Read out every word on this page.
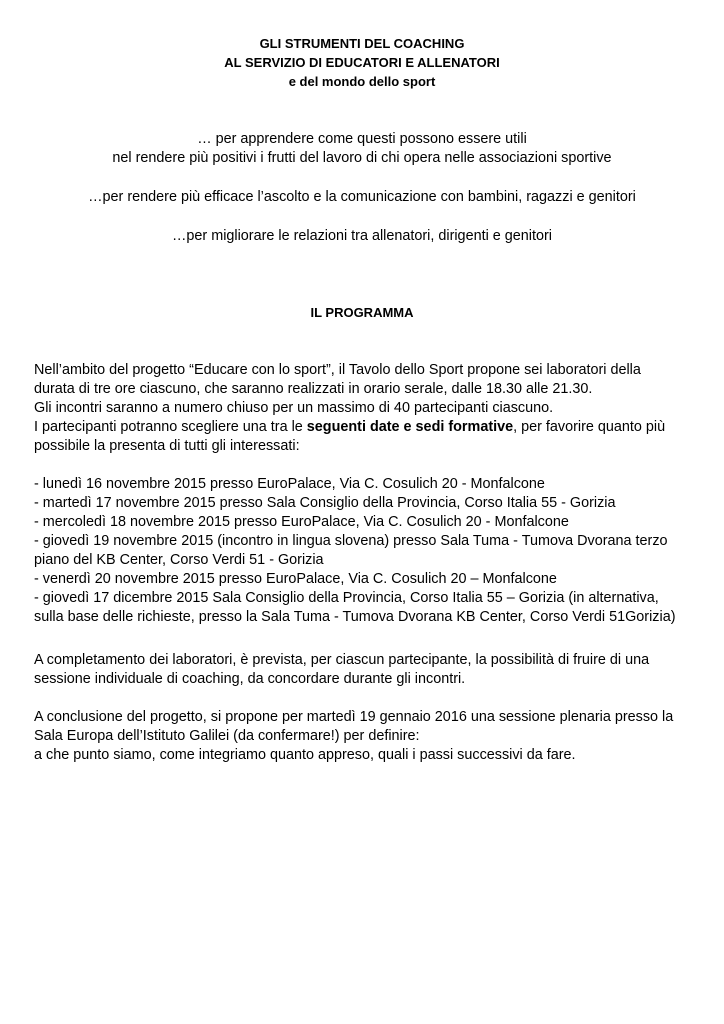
GLI STRUMENTI DEL COACHING
AL SERVIZIO DI EDUCATORI E ALLENATORI
e del mondo dello sport
… per apprendere come questi possono essere utili
nel rendere più positivi i frutti del lavoro di chi opera nelle associazioni sportive
…per rendere più efficace l’ascolto e la comunicazione con bambini, ragazzi e genitori
…per migliorare le relazioni tra allenatori, dirigenti e genitori
IL PROGRAMMA
Nell’ambito del progetto “Educare con lo sport”, il Tavolo dello Sport propone sei laboratori della
durata di tre ore ciascuno, che saranno realizzati in orario serale, dalle 18.30 alle 21.30.
Gli incontri saranno a numero chiuso per un massimo di 40 partecipanti ciascuno.
I partecipanti potranno scegliere una tra le seguenti date e sedi formative, per favorire quanto più
possibile la presenta di tutti gli interessati:
- lunedì 16 novembre 2015 presso EuroPalace, Via C. Cosulich 20 - Monfalcone
- martedì 17 novembre 2015 presso Sala Consiglio della Provincia, Corso Italia 55 - Gorizia
- mercoledì 18 novembre 2015 presso EuroPalace, Via C. Cosulich 20 - Monfalcone
- giovedì 19 novembre 2015 (incontro in lingua slovena) presso Sala Tuma - Tumova Dvorana terzo
piano del KB Center, Corso Verdi 51 - Gorizia
- venerdì 20 novembre 2015 presso EuroPalace, Via C. Cosulich 20 – Monfalcone
- giovedì 17 dicembre 2015 Sala Consiglio della Provincia, Corso Italia 55 – Gorizia (in alternativa,
sulla base delle richieste, presso la Sala Tuma - Tumova Dvorana KB Center, Corso Verdi 51Gorizia)
A completamento dei laboratori, è prevista, per ciascun partecipante, la possibilità di fruire di una
sessione individuale di coaching, da concordare durante gli incontri.
A conclusione del progetto, si propone per martedì 19 gennaio 2016 una sessione plenaria presso la
Sala Europa dell’Istituto Galilei (da confermare!) per definire:
a che punto siamo, come integriamo quanto appreso, quali i passi successivi da fare.
